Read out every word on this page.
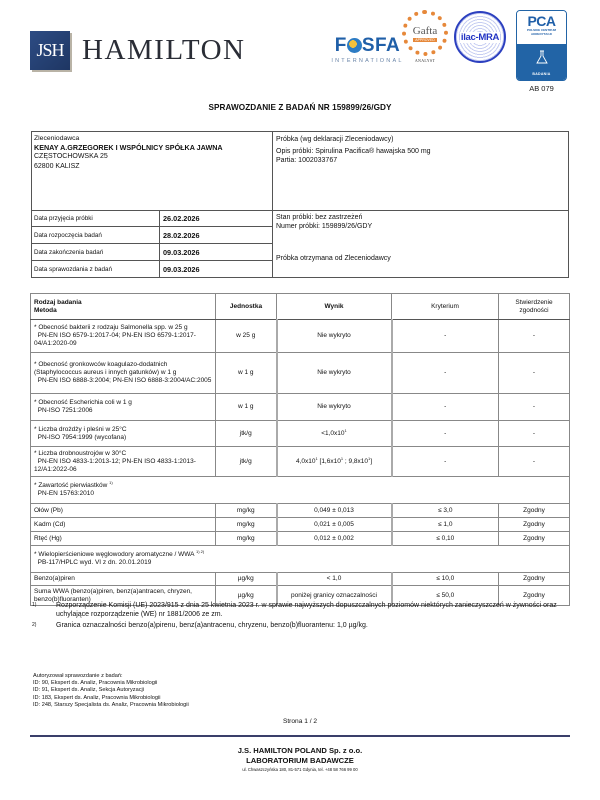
JSH HAMILTON	F SFA
INTERNATIONAL
Gafta
APPROVED
ANALYST
ilac-MRA
PCA
POLSKIE CENTRUM
AKREDYTACJI
BADANIA
AB 079
SPRAWOZDANIE Z BADAŃ NR 159899/26/GDY
Zleceniodawca
KENAY A.GRZEGOREK I WSPÓLNICY SPÓŁKA JAWNA
CZĘSTOCHOWSKA 25
62800 KALISZ
Próbka (wg deklaracji Zleceniodawcy)
Opis próbki: Spirulina Pacifica® hawajska 500 mg
Partia: 1002033767
Data przyjęcia próbki	26.02.2026
Data rozpoczęcia badań	28.02.2026
Data zakończenia badań	09.03.2026
Data sprawozdania z badań	09.03.2026
Stan próbki: bez zastrzeżeń
Numer próbki: 159899/26/GDY
Próbka otrzymana od Zleceniodawcy
Rodzaj badania
Metoda
	Jednostka	Wynik	Kryterium	
Stwierdzenie
zgodności

* Obecność bakterii z rodzaju Salmonella spp. w 25 g
PN-EN ISO 6579-1:2017-04; PN-EN ISO 6579-1:2017-04/A1:2020-09	w 25 g	Nie wykryto	-	-

* Obecność gronkowców koagulazo-dodatnich (Staphylococcus aureus i innych gatunków) w 1 g
PN-EN ISO 6888-3:2004; PN-EN ISO 6888-3:2004/AC:2005	w 1 g	Nie wykryto	-	-

* Obecność Escherichia coli w 1 g
PN-ISO 7251:2006	w 1 g	Nie wykryto	-	-

* Liczba drożdży i pleśni w 25°C
PN-ISO 7954:1999 (wycofana)	jtk/g	$<1,0x10^1$	-	-

* Liczba drobnoustrojów w 30°C
PN-EN ISO 4833-1:2013-12; PN-EN ISO 4833-1:2013-12/A1:2022-06	jtk/g	$4,0x10^1$ [$1,6x10^1$ ; $9,8x10^1$]	-	-

* Zawartość pierwiastków $^{1)}$
PN-EN 15763:2010				

Ołów (Pb)	mg/kg	0,049 ± 0,013	≤ 3,0	Zgodny
Kadm (Cd)	mg/kg	0,021 ± 0,005	≤ 1,0	Zgodny
Rtęć (Hg)	mg/kg	0,012 ± 0,002	≤ 0,10	Zgodny

* Wielopierścieniowe węglowodory aromatyczne / WWA $^{1) 2)}$
PB-117/HPLC wyd. VI z dn. 20.01.2019				

Benzo(a)piren	µg/kg	< 1,0	≤ 10,0	Zgodny
Suma WWA (benzo(a)piren, benz(a)antracen, chryzen, benzo(b)fluoranten)	µg/kg	poniżej granicy oznaczalności	≤ 50,0	Zgodny
1)	Rozporządzenie Komisji (UE) 2023/915 z dnia 25 kwietnia 2023 r. w sprawie najwyższych dopuszczalnych poziomów niektórych zanieczyszczeń w żywności oraz uchylające rozporządzenie (WE) nr 1881/2006 ze zm.
2)	Granica oznaczalności benzo(a)pirenu, benz(a)antracenu, chryzenu, benzo(b)fluorantenu: 1,0 µg/kg.
Autoryzował sprawozdanie z badań:
ID: 90, Ekspert ds. Analiz, Pracownia Mikrobiologii
ID: 91, Ekspert ds. Analiz, Sekcja Autoryzacji
ID: 183, Ekspert ds. Analiz, Pracownia Mikrobiologii
ID: 248, Starszy Specjalista ds. Analiz, Pracownia Mikrobiologii
Strona 1 / 2
J.S. HAMILTON POLAND Sp. z o.o.
LABORATORIUM BADAWCZE
ul. Chwaszczyńska 180, 81-571 Gdynia, tel. +48 58 766 99 00
